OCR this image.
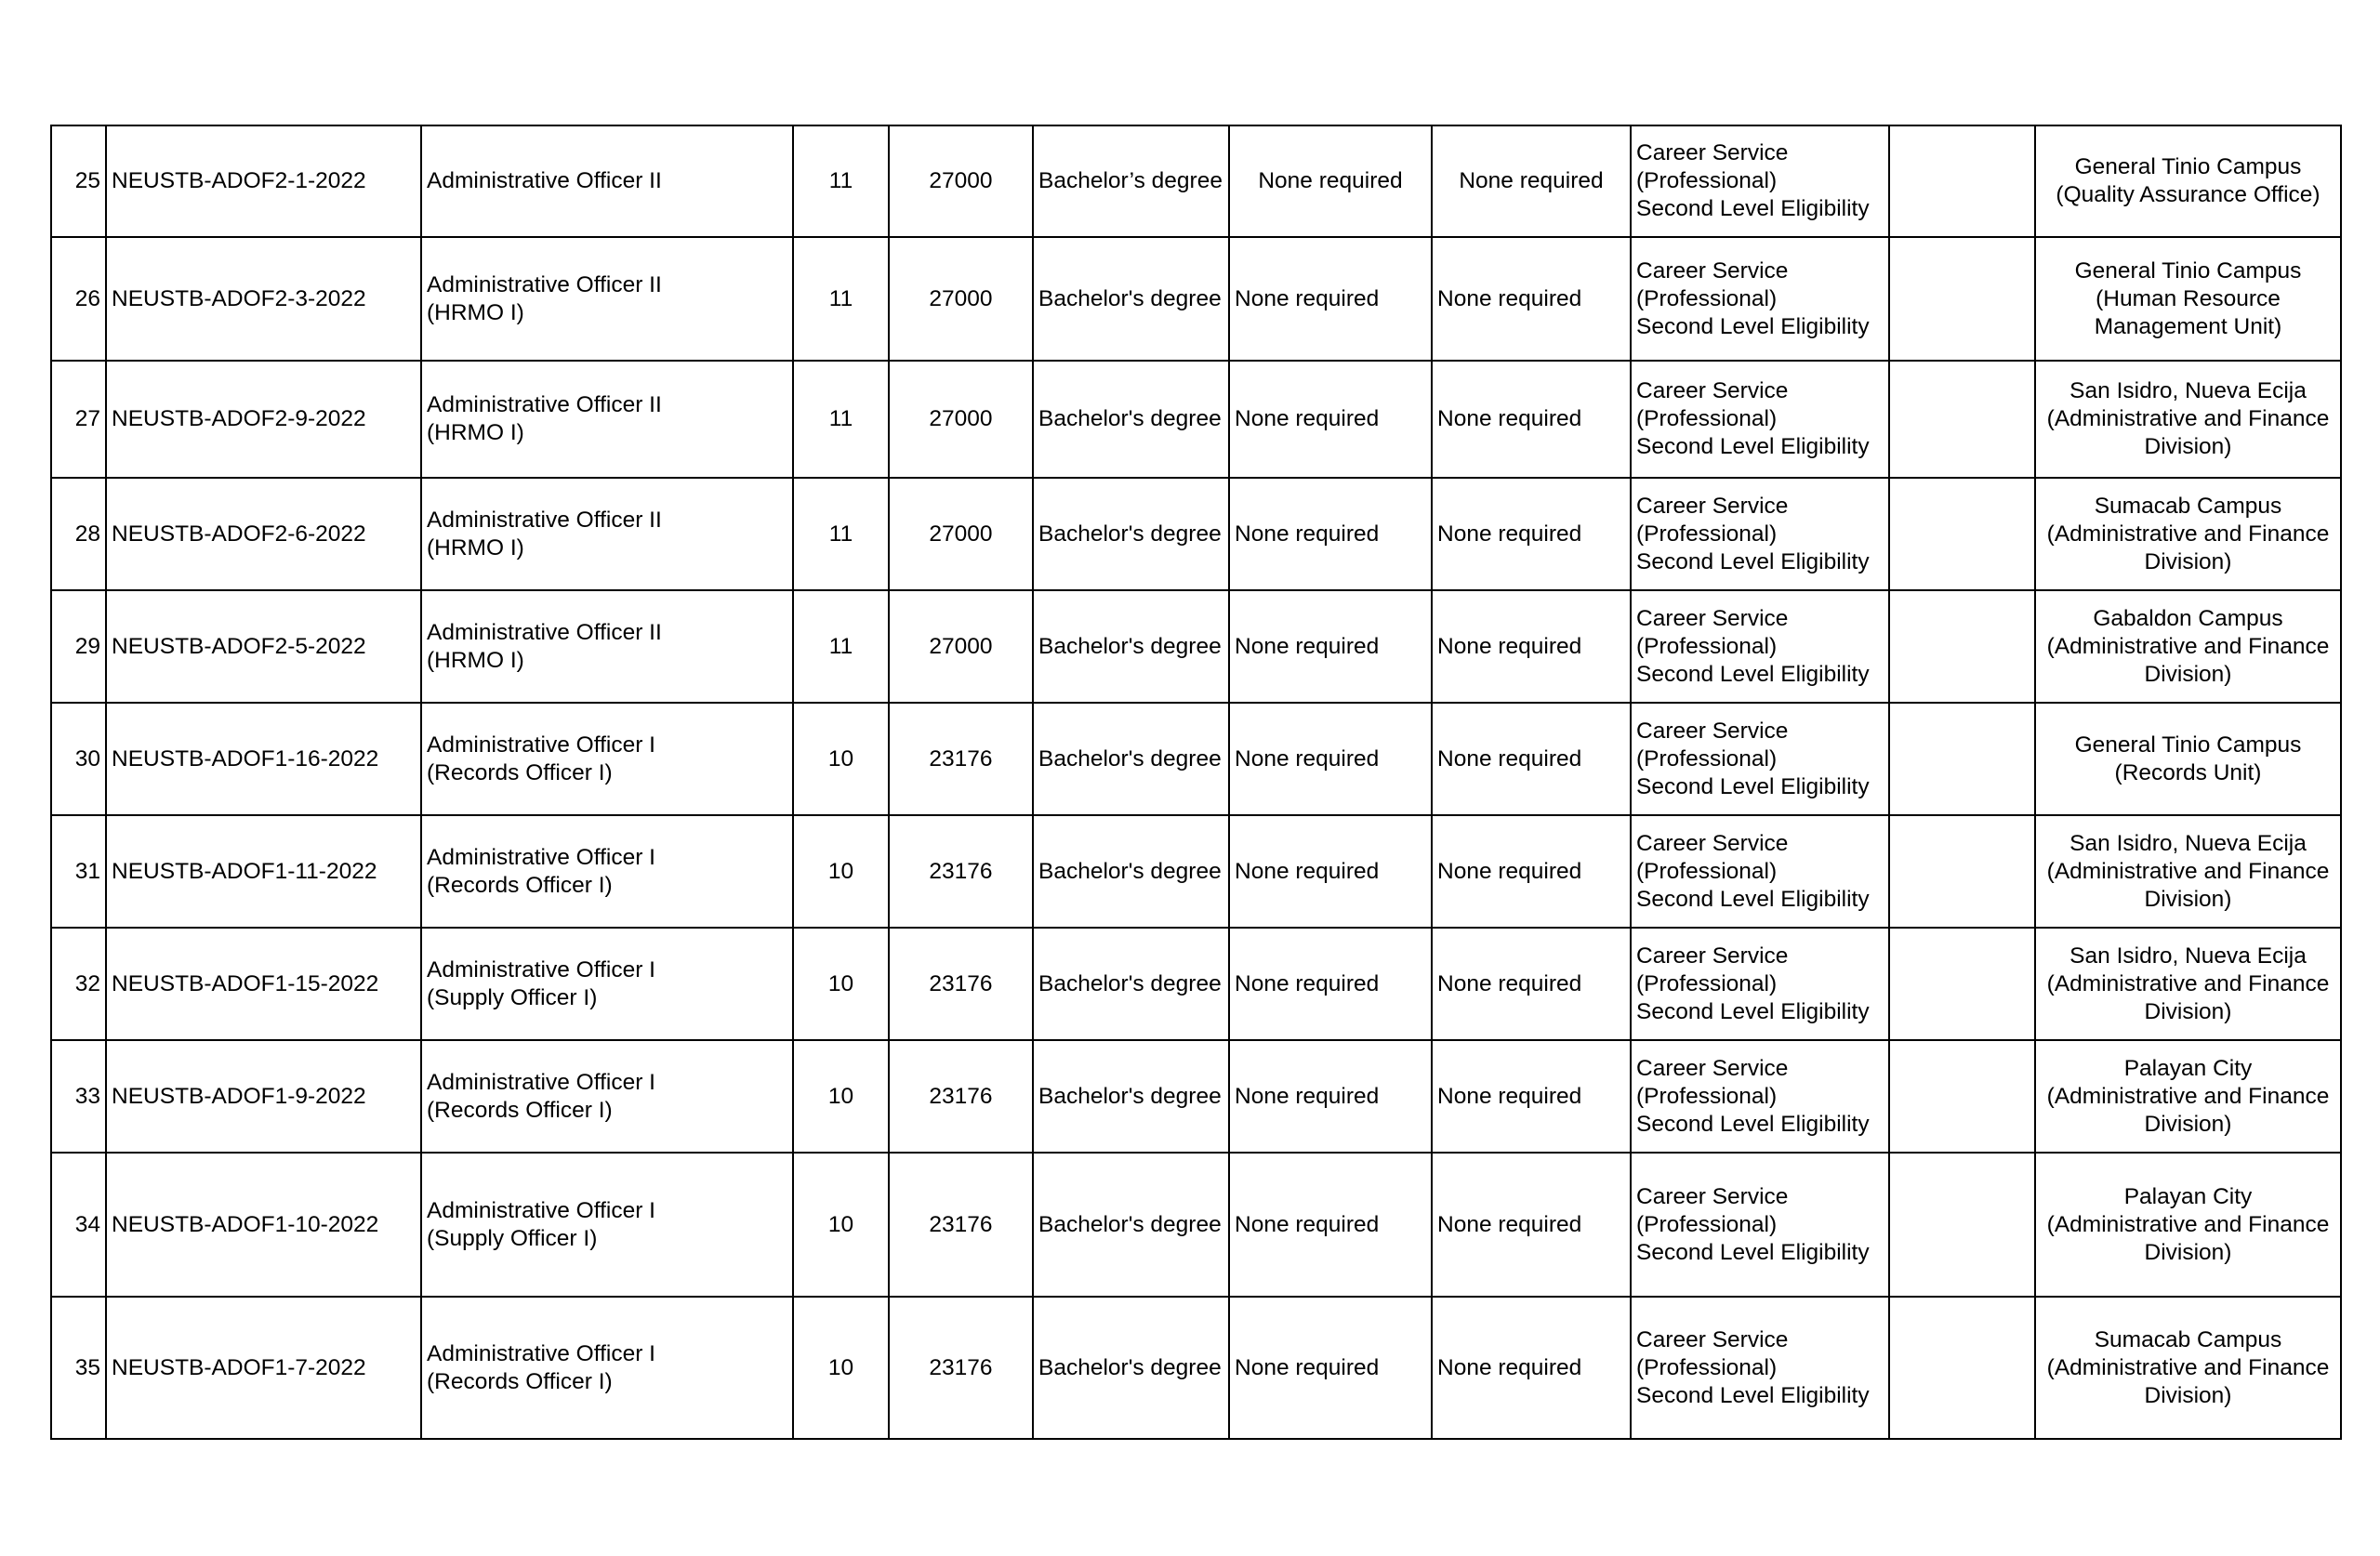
25	NEUSTB-ADOF2-1-2022	Administrative Officer II	11	27000	Bachelor’s degree	None required	None required	Career Service
(Professional)
Second Level Eligibility		General Tinio Campus
(Quality Assurance Office)
26	NEUSTB-ADOF2-3-2022	Administrative Officer II
(HRMO I)	11	27000	Bachelor's degree	None required	None required	Career Service
(Professional)
Second Level Eligibility		General Tinio Campus
(Human Resource
Management Unit)
27	NEUSTB-ADOF2-9-2022	Administrative Officer II
(HRMO I)	11	27000	Bachelor's degree	None required	None required	Career Service
(Professional)
Second Level Eligibility		San Isidro, Nueva Ecija
(Administrative and Finance
Division)
28	NEUSTB-ADOF2-6-2022	Administrative Officer II
(HRMO I)	11	27000	Bachelor's degree	None required	None required	Career Service
(Professional)
Second Level Eligibility		Sumacab Campus
(Administrative and Finance
Division)
29	NEUSTB-ADOF2-5-2022	Administrative Officer II
(HRMO I)	11	27000	Bachelor's degree	None required	None required	Career Service
(Professional)
Second Level Eligibility		Gabaldon Campus
(Administrative and Finance
Division)
30	NEUSTB-ADOF1-16-2022	Administrative Officer I
(Records Officer I)	10	23176	Bachelor's degree	None required	None required	Career Service
(Professional)
Second Level Eligibility		General Tinio Campus
(Records Unit)
31	NEUSTB-ADOF1-11-2022	Administrative Officer I
(Records Officer I)	10	23176	Bachelor's degree	None required	None required	Career Service
(Professional)
Second Level Eligibility		San Isidro, Nueva Ecija
(Administrative and Finance
Division)
32	NEUSTB-ADOF1-15-2022	Administrative Officer I
(Supply Officer I)	10	23176	Bachelor's degree	None required	None required	Career Service
(Professional)
Second Level Eligibility		San Isidro, Nueva Ecija
(Administrative and Finance
Division)
33	NEUSTB-ADOF1-9-2022	Administrative Officer I
(Records Officer I)	10	23176	Bachelor's degree	None required	None required	Career Service
(Professional)
Second Level Eligibility		Palayan City
(Administrative and Finance
Division)
34	NEUSTB-ADOF1-10-2022	Administrative Officer I
(Supply Officer I)	10	23176	Bachelor's degree	None required	None required	Career Service
(Professional)
Second Level Eligibility		Palayan City
(Administrative and Finance
Division)
35	NEUSTB-ADOF1-7-2022	Administrative Officer I
(Records Officer I)	10	23176	Bachelor's degree	None required	None required	Career Service
(Professional)
Second Level Eligibility		Sumacab Campus
(Administrative and Finance
Division)
